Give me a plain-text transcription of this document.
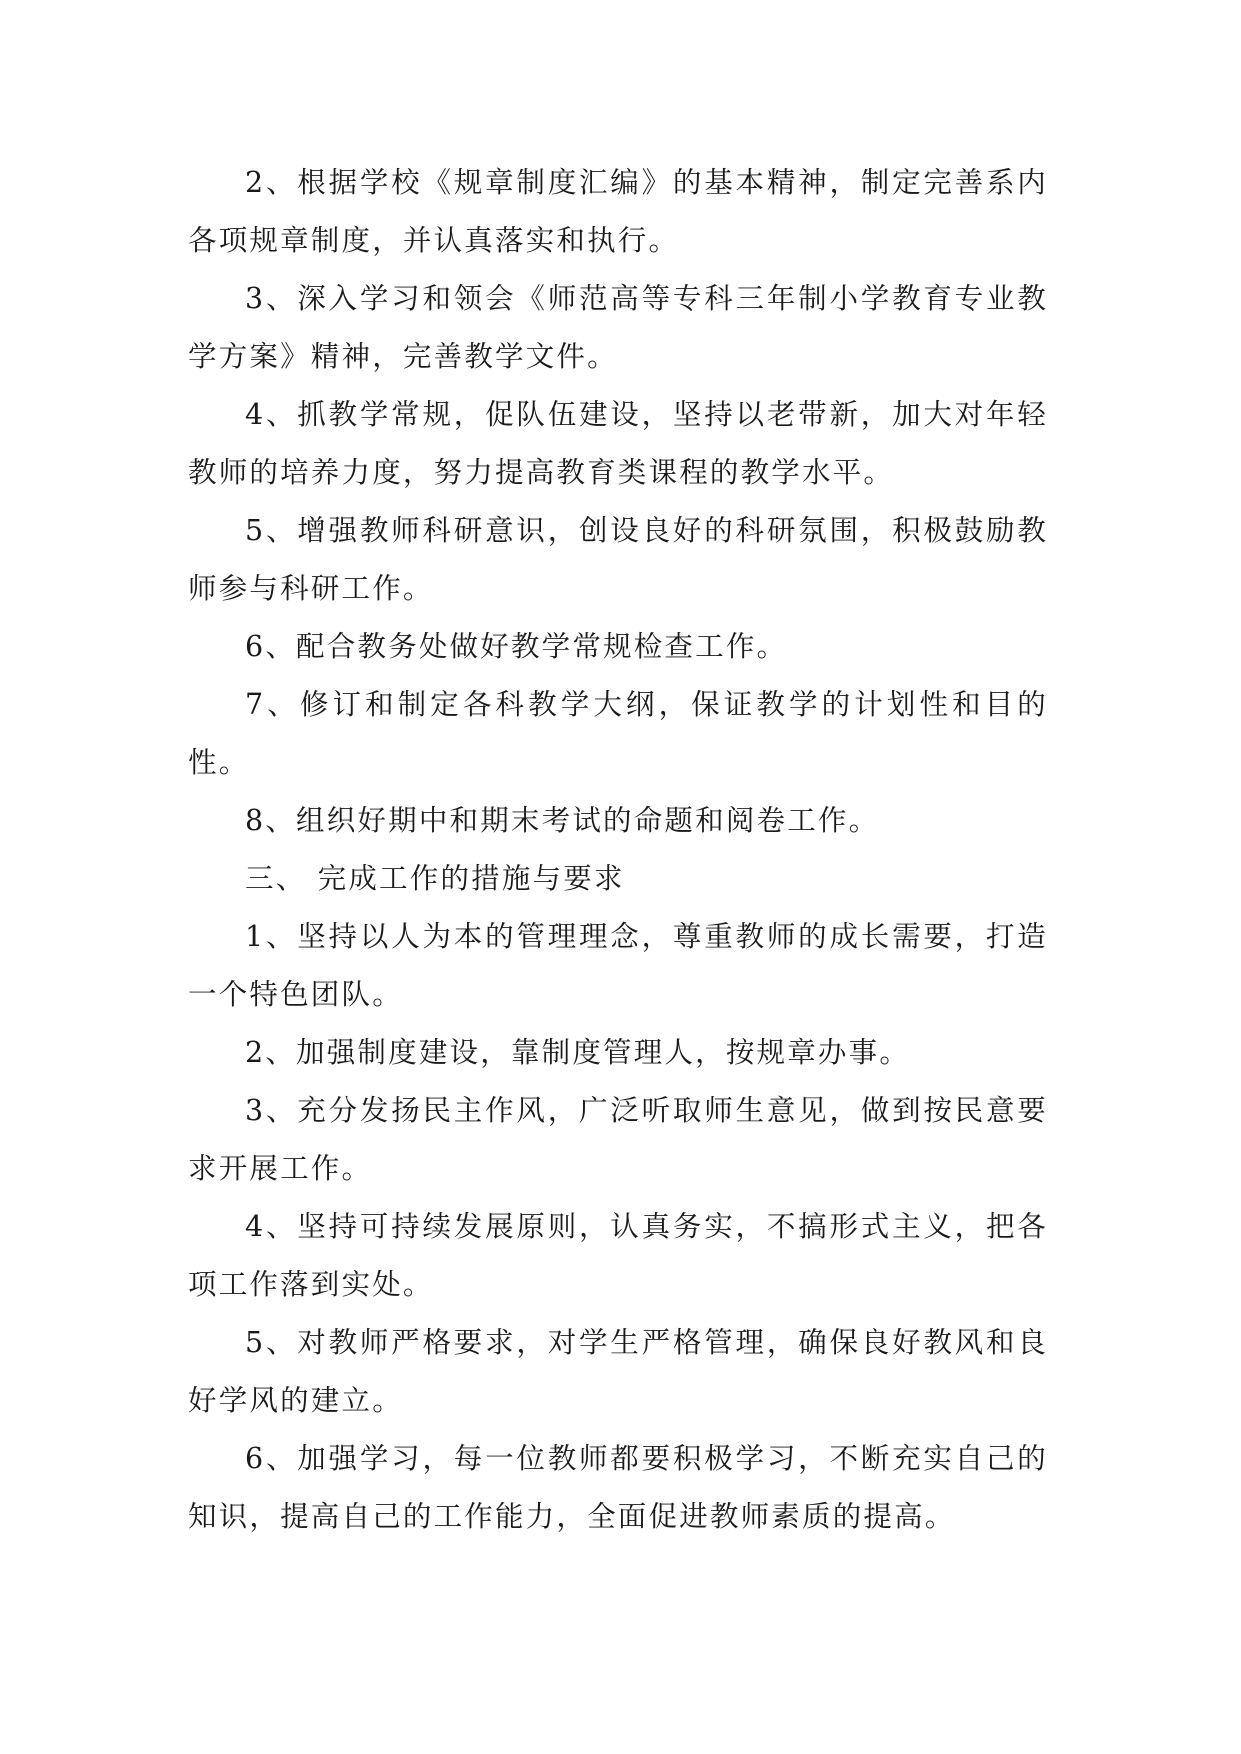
2、根据学校《规章制度汇编》的基本精神，制定完善系内各项规章制度，并认真落实和执行。

3、深入学习和领会《师范高等专科三年制小学教育专业教学方案》精神，完善教学文件。

4、抓教学常规，促队伍建设，坚持以老带新，加大对年轻教师的培养力度，努力提高教育类课程的教学水平。

5、增强教师科研意识，创设良好的科研氛围，积极鼓励教师参与科研工作。

6、配合教务处做好教学常规检查工作。

7、修订和制定各科教学大纲，保证教学的计划性和目的性。

8、组织好期中和期末考试的命题和阅卷工作。

三、 完成工作的措施与要求

1、坚持以人为本的管理理念，尊重教师的成长需要，打造一个特色团队。

2、加强制度建设，靠制度管理人，按规章办事。

3、充分发扬民主作风，广泛听取师生意见，做到按民意要求开展工作。

4、坚持可持续发展原则，认真务实，不搞形式主义，把各项工作落到实处。

5、对教师严格要求，对学生严格管理，确保良好教风和良好学风的建立。

6、加强学习，每一位教师都要积极学习，不断充实自己的知识，提高自己的工作能力，全面促进教师素质的提高。
